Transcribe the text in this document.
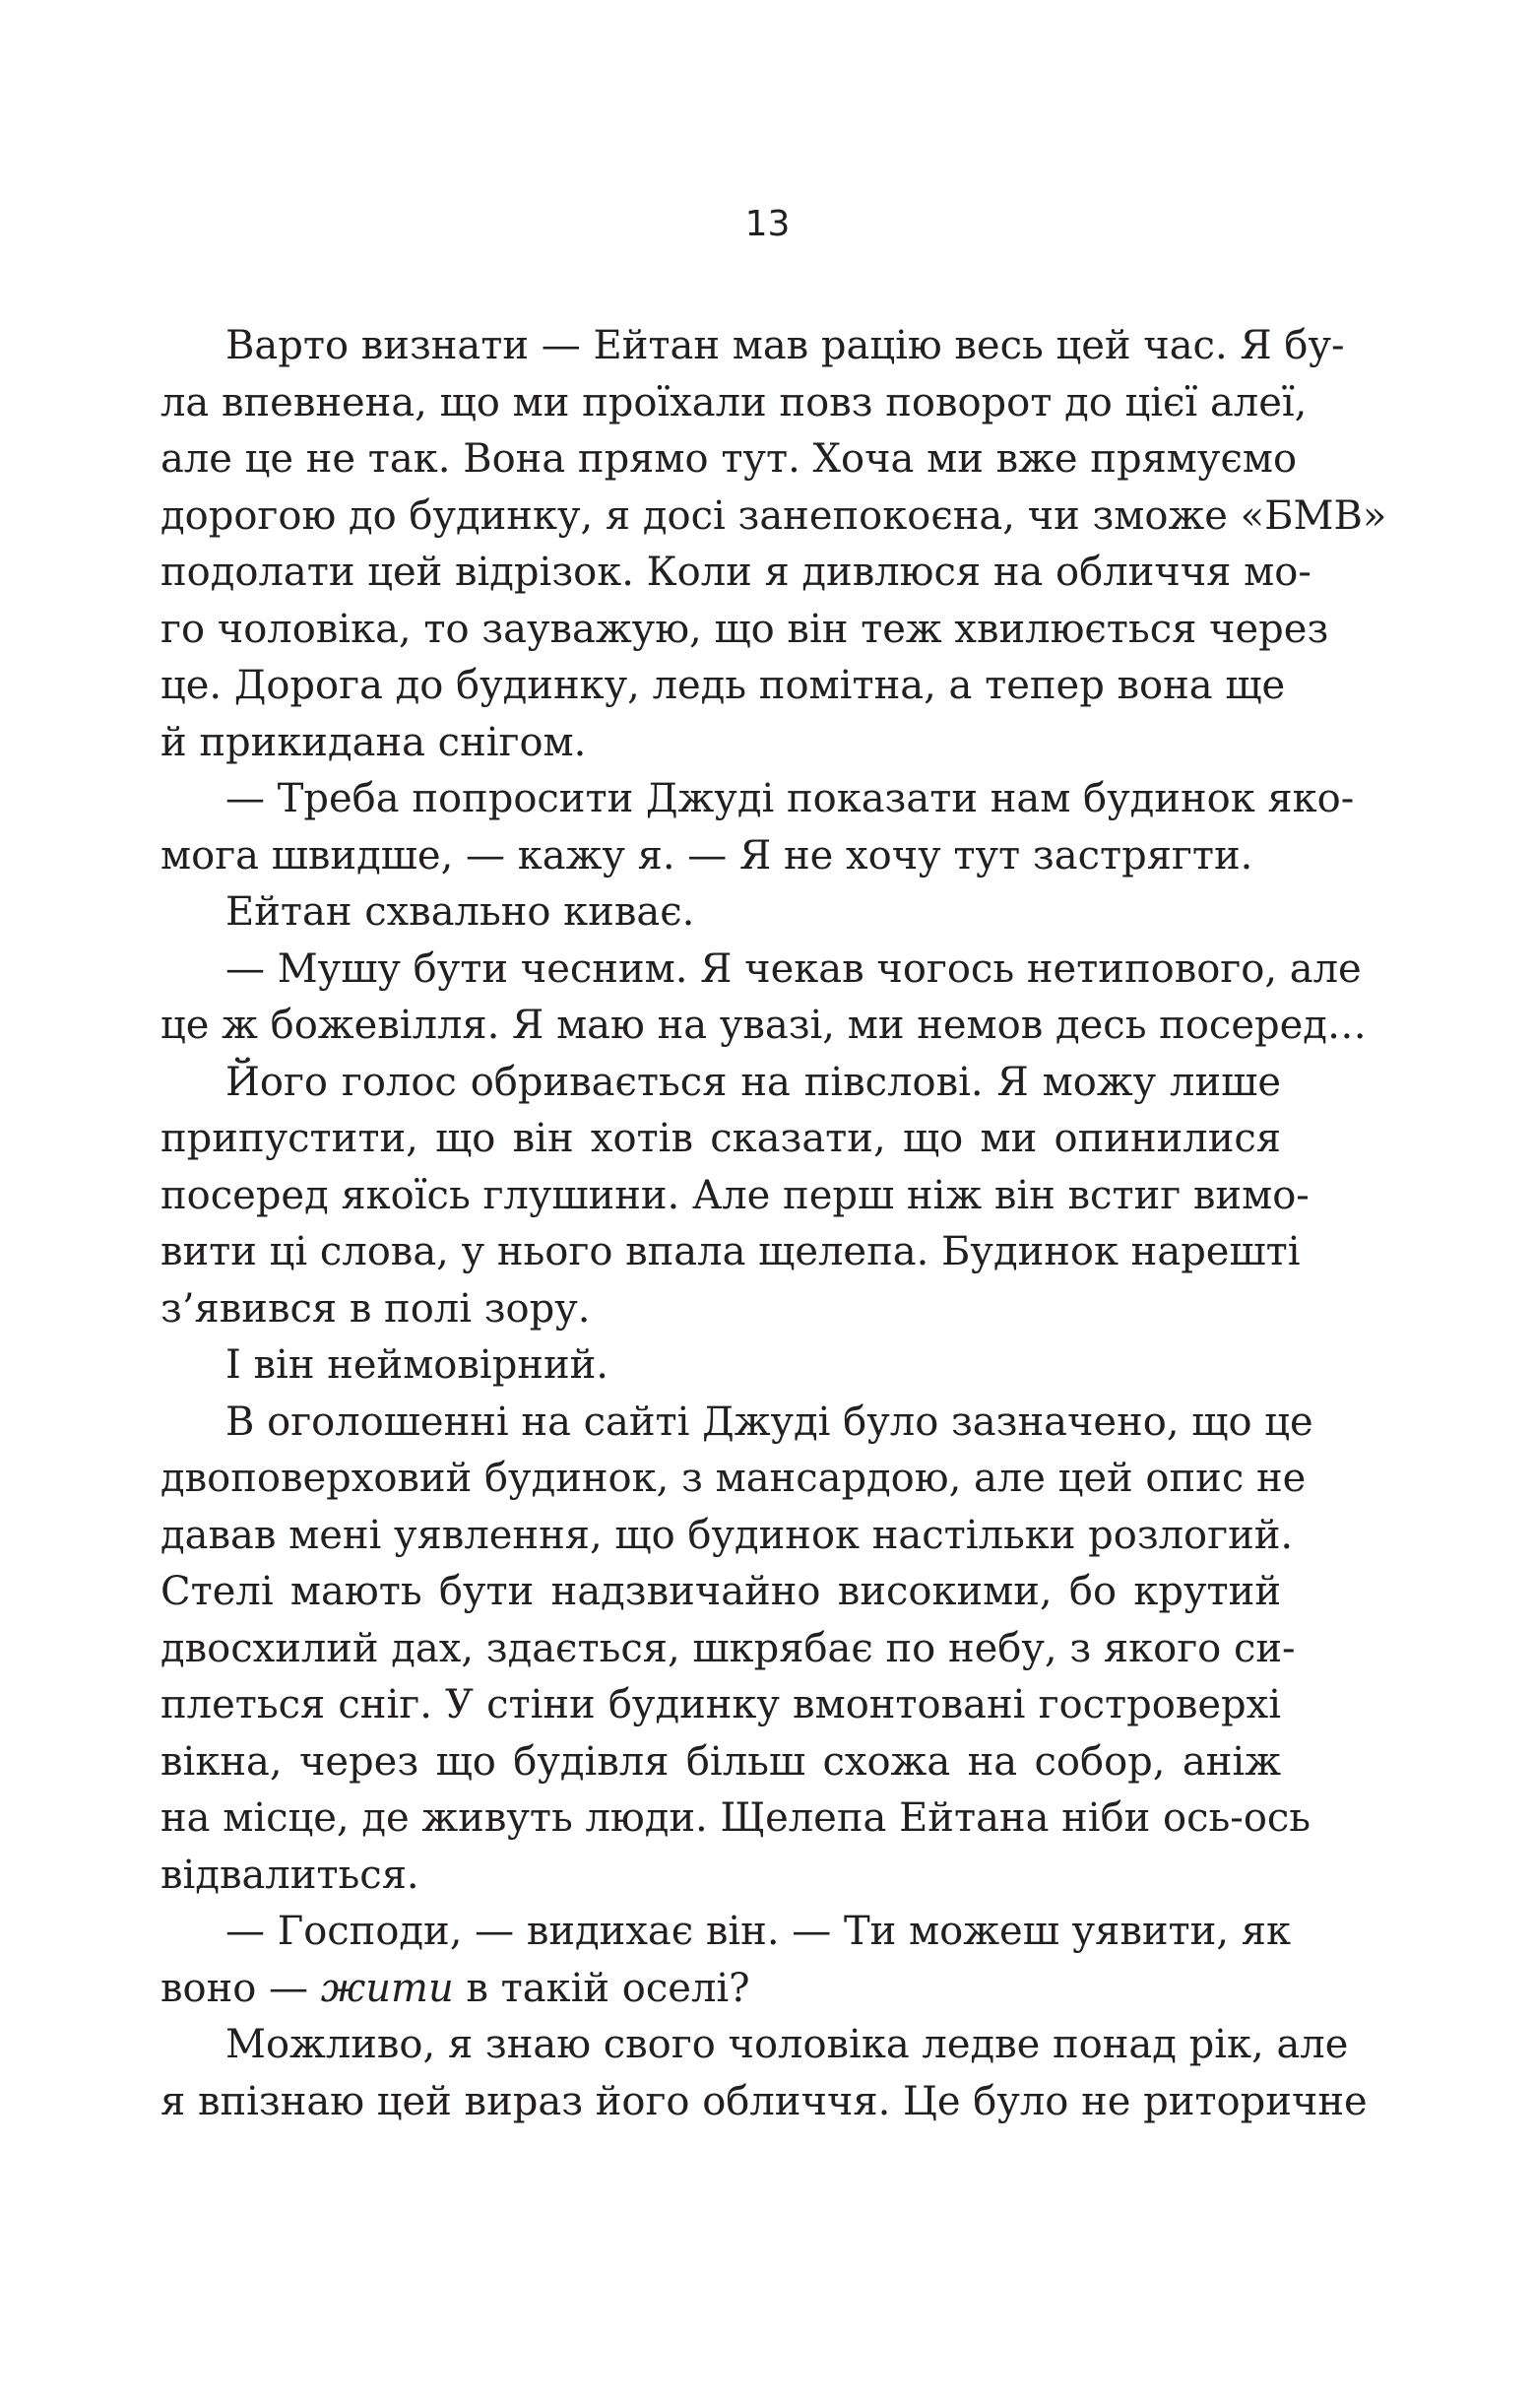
13
Варто визнати — Ейтан мав рацію весь цей час. Я бу-
ла впевнена, що ми проїхали повз поворот до цієї алеї,
але це не так. Вона прямо тут. Хоча ми вже прямуємо
дорогою до будинку, я досі занепокоєна, чи зможе «БМВ»
подолати цей відрізок. Коли я дивлюся на обличчя мо-
го чоловіка, то зауважую, що він теж хвилюється через
це. Дорога до будинку, ледь помітна, а тепер вона ще
й прикидана снігом.
— Треба попросити Джуді показати нам будинок яко-
мога швидше, — кажу я. — Я не хочу тут застрягти.
Ейтан схвально киває.
— Мушу бути чесним. Я чекав чогось нетипового, але
це ж божевілля. Я маю на увазі, ми немов десь посеред…
Його голос обривається на півслові. Я можу лише
припустити, що він хотів сказати, що ми опинилися
посеред якоїсь глушини. Але перш ніж він встиг вимо-
вити ці слова, у нього впала щелепа. Будинок нарешті
з’явився в полі зору.
І він неймовірний.
В оголошенні на сайті Джуді було зазначено, що це
двоповерховий будинок, з мансардою, але цей опис не
давав мені уявлення, що будинок настільки розлогий.
Стелі мають бути надзвичайно високими, бо крутий
двосхилий дах, здається, шкрябає по небу, з якого си-
плеться сніг. У стіни будинку вмонтовані гостроверхі
вікна, через що будівля більш схожа на собор, аніж
на місце, де живуть люди. Щелепа Ейтана ніби ось-ось
відвалиться.
— Господи, — видихає він. — Ти можеш уявити, як
воно — жити в такій оселі?
Можливо, я знаю свого чоловіка ледве понад рік, але
я впізнаю цей вираз його обличчя. Це було не риторичне
